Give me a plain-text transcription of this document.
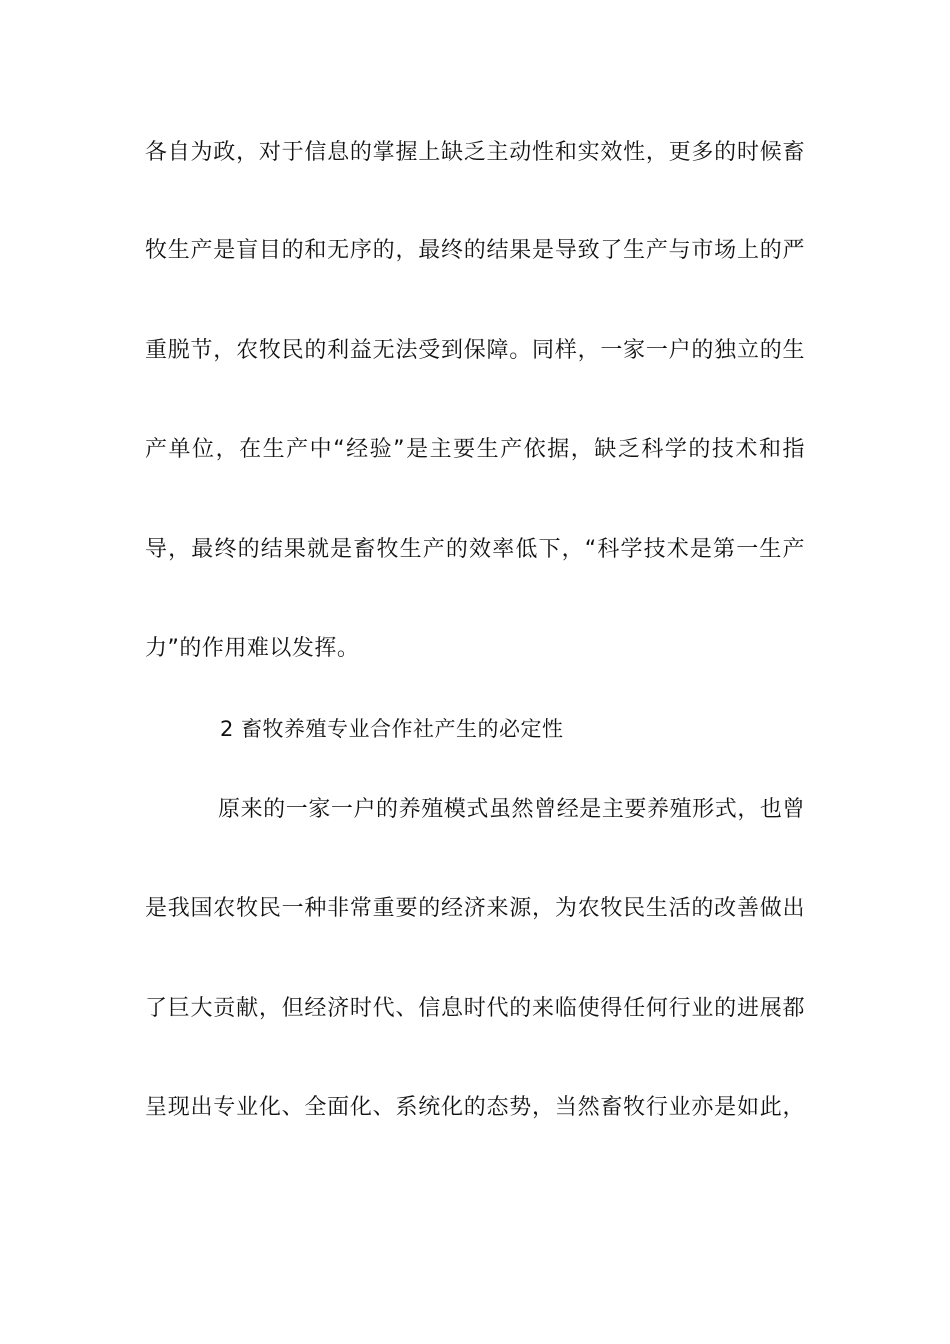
各自为政，对于信息的掌握上缺乏主动性和实效性，更多的时候畜
牧生产是盲目的和无序的，最终的结果是导致了生产与市场上的严
重脱节，农牧民的利益无法受到保障。同样，一家一户的独立的生
产单位，在生产中“经验”是主要生产依据，缺乏科学的技术和指
导，最终的结果就是畜牧生产的效率低下，“科学技术是第一生产
力”的作用难以发挥。
2 畜牧养殖专业合作社产生的必定性
原来的一家一户的养殖模式虽然曾经是主要养殖形式，也曾
是我国农牧民一种非常重要的经济来源，为农牧民生活的改善做出
了巨大贡献，但经济时代、信息时代的来临使得任何行业的进展都
呈现出专业化、全面化、系统化的态势，当然畜牧行业亦是如此，
